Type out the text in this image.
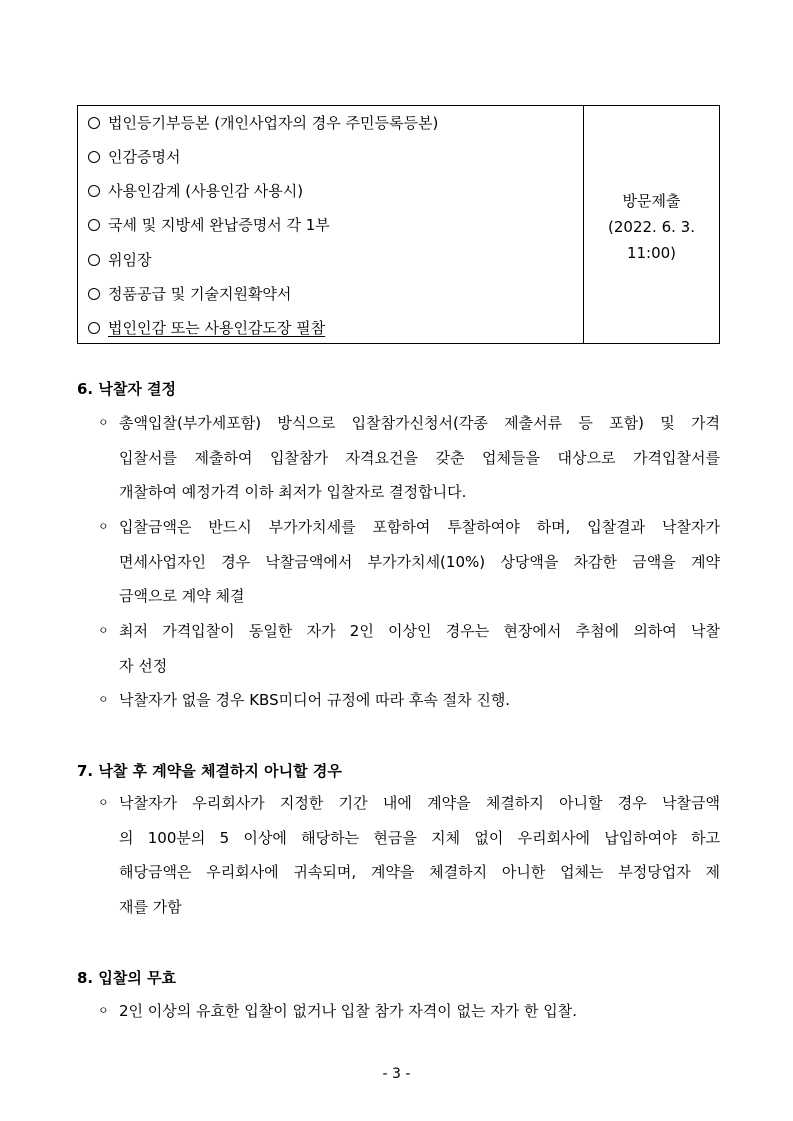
법인등기부등본 (개인사업자의 경우 주민등록등본)
인감증명서
사용인감계 (사용인감 사용시)
국세 및 지방세 완납증명서 각 1부
위임장
정품공급 및 기술지원확약서
법인인감 또는 사용인감도장 필참
방문제출
(2022. 6. 3.
11:00)
6. 낙찰자 결정
ㅇ 총액입찰(부가세포함) 방식으로 입찰참가신청서(각종 제출서류 등 포함) 및 가격
입찰서를 제출하여 입찰참가 자격요건을 갖춘 업체들을 대상으로 가격입찰서를
개찰하여 예정가격 이하 최저가 입찰자로 결정합니다.
ㅇ 입찰금액은 반드시 부가가치세를 포함하여 투찰하여야 하며, 입찰결과 낙찰자가
면세사업자인 경우 낙찰금액에서 부가가치세(10%) 상당액을 차감한 금액을 계약
금액으로 계약 체결
ㅇ 최저 가격입찰이 동일한 자가 2인 이상인 경우는 현장에서 추첨에 의하여 낙찰
자 선정
ㅇ 낙찰자가 없을 경우 KBS미디어 규정에 따라 후속 절차 진행.
7. 낙찰 후 계약을 체결하지 아니할 경우
ㅇ 낙찰자가 우리회사가 지정한 기간 내에 계약을 체결하지 아니할 경우 낙찰금액
의 100분의 5 이상에 해당하는 현금을 지체 없이 우리회사에 납입하여야 하고
해당금액은 우리회사에 귀속되며, 계약을 체결하지 아니한 업체는 부정당업자 제
재를 가함
8. 입찰의 무효
ㅇ 2인 이상의 유효한 입찰이 없거나 입찰 참가 자격이 없는 자가 한 입찰.
- 3 -
